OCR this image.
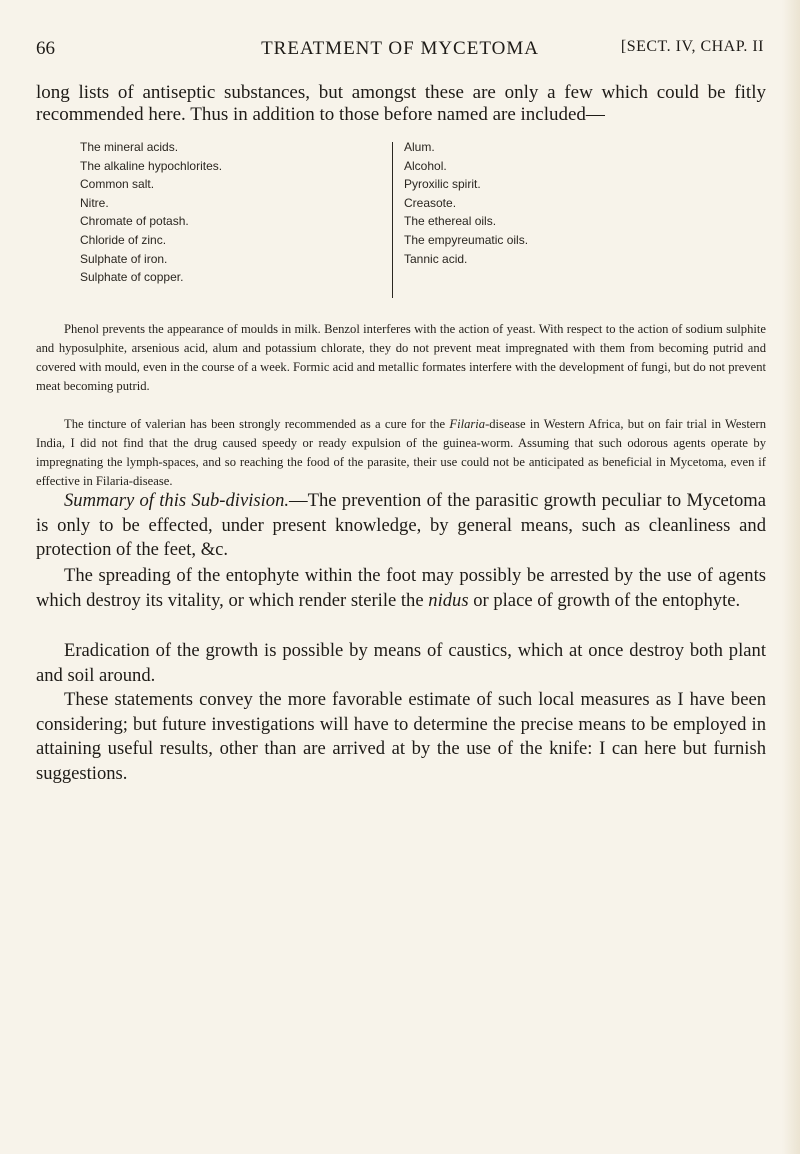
66	TREATMENT OF MYCETOMA	[SECT. IV, CHAP. II
long lists of antiseptic substances, but amongst these are only a few which could be fitly recommended here. Thus in addition to those before named are included—
The mineral acids.
The alkaline hypochlorites.
Common salt.
Nitre.
Chromate of potash.
Chloride of zinc.
Sulphate of iron.
Sulphate of copper.
Alum.
Alcohol.
Pyroxilic spirit.
Creasote.
The ethereal oils.
The empyreumatic oils.
Tannic acid.
Phenol prevents the appearance of moulds in milk. Benzol interferes with the action of yeast. With respect to the action of sodium sulphite and hyposulphite, arsenious acid, alum and potassium chlorate, they do not prevent meat impregnated with them from becoming putrid and covered with mould, even in the course of a week. Formic acid and metallic formates interfere with the development of fungi, but do not prevent meat becoming putrid.
The tincture of valerian has been strongly recommended as a cure for the Filaria-disease in Western Africa, but on fair trial in Western India, I did not find that the drug caused speedy or ready expulsion of the guinea-worm. Assuming that such odorous agents operate by impregnating the lymph-spaces, and so reaching the food of the parasite, their use could not be anticipated as beneficial in Mycetoma, even if effective in Filaria-disease.
Summary of this Sub-division.—The prevention of the parasitic growth peculiar to Mycetoma is only to be effected, under present knowledge, by general means, such as cleanliness and protection of the feet, &c.
The spreading of the entophyte within the foot may possibly be arrested by the use of agents which destroy its vitality, or which render sterile the nidus or place of growth of the entophyte.
Eradication of the growth is possible by means of caustics, which at once destroy both plant and soil around.
These statements convey the more favorable estimate of such local measures as I have been considering; but future investigations will have to determine the precise means to be employed in attaining useful results, other than are arrived at by the use of the knife: I can here but furnish suggestions.
